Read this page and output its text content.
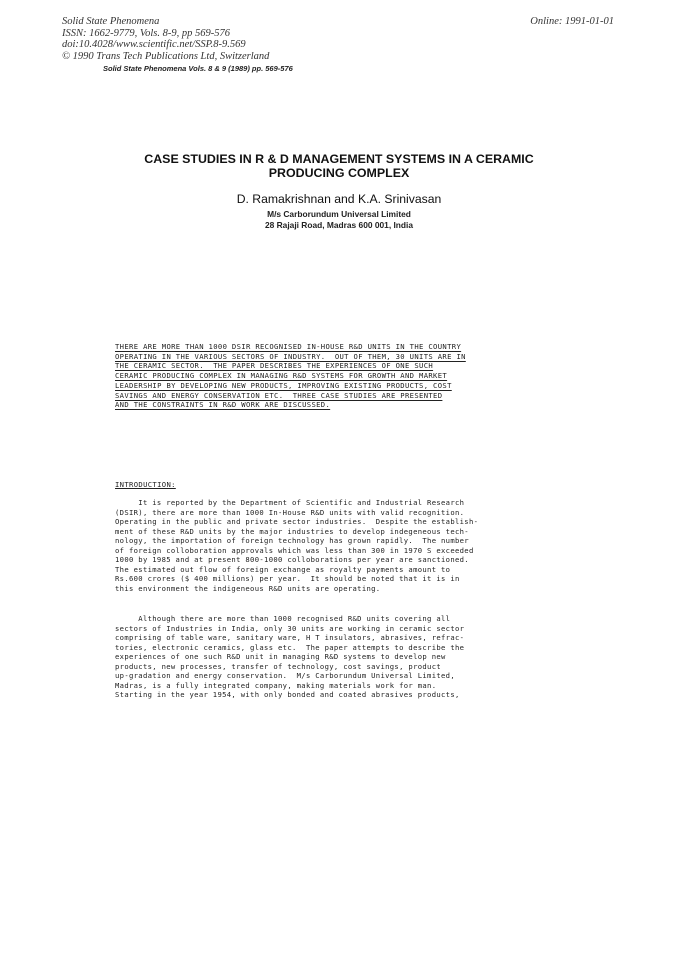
Solid State Phenomena
ISSN: 1662-9779, Vols. 8-9, pp 569-576
doi:10.4028/www.scientific.net/SSP.8-9.569
© 1990 Trans Tech Publications Ltd, Switzerland
Online: 1991-01-01
Solid State Phenomena Vols. 8 & 9 (1989) pp. 569-576
CASE STUDIES IN R & D MANAGEMENT SYSTEMS IN A CERAMIC
PRODUCING COMPLEX
D. Ramakrishnan and K.A. Srinivasan
M/s Carborundum Universal Limited
28 Rajaji Road, Madras 600 001, India
THERE ARE MORE THAN 1000 DSIR RECOGNISED IN-HOUSE R&D UNITS IN THE COUNTRY
OPERATING IN THE VARIOUS SECTORS OF INDUSTRY.  OUT OF THEM, 30 UNITS ARE IN
THE CERAMIC SECTOR.  THE PAPER DESCRIBES THE EXPERIENCES OF ONE SUCH
CERAMIC PRODUCING COMPLEX IN MANAGING R&D SYSTEMS FOR GROWTH AND MARKET
LEADERSHIP BY DEVELOPING NEW PRODUCTS, IMPROVING EXISTING PRODUCTS, COST
SAVINGS AND ENERGY CONSERVATION ETC.  THREE CASE STUDIES ARE PRESENTED
AND THE CONSTRAINTS IN R&D WORK ARE DISCUSSED.
INTRODUCTION:
It is reported by the Department of Scientific and Industrial Research
(DSIR), there are more than 1000 In-House R&D units with valid recognition.
Operating in the public and private sector industries.  Despite the establish-
ment of these R&D units by the major industries to develop indegeneous tech-
nology, the importation of foreign technology has grown rapidly.  The number
of foreign colloboration approvals which was less than 300 in 1970 S exceeded
1000 by 1985 and at present 800-1000 colloborations per year are sanctioned.
The estimated out flow of foreign exchange as royalty payments amount to
Rs.600 crores ($ 400 millions) per year.  It should be noted that it is in
this environment the indigeneous R&D units are operating.
Although there are more than 1000 recognised R&D units covering all
sectors of Industries in India, only 30 units are working in ceramic sector
comprising of table ware, sanitary ware, H T insulators, abrasives, refrac-
tories, electronic ceramics, glass etc.  The paper attempts to describe the
experiences of one such R&D unit in managing R&D systems to develop new
products, new processes, transfer of technology, cost savings, product
up-gradation and energy conservation.  M/s Carborundum Universal Limited,
Madras, is a fully integrated company, making materials work for man.
Starting in the year 1954, with only bonded and coated abrasives products,
